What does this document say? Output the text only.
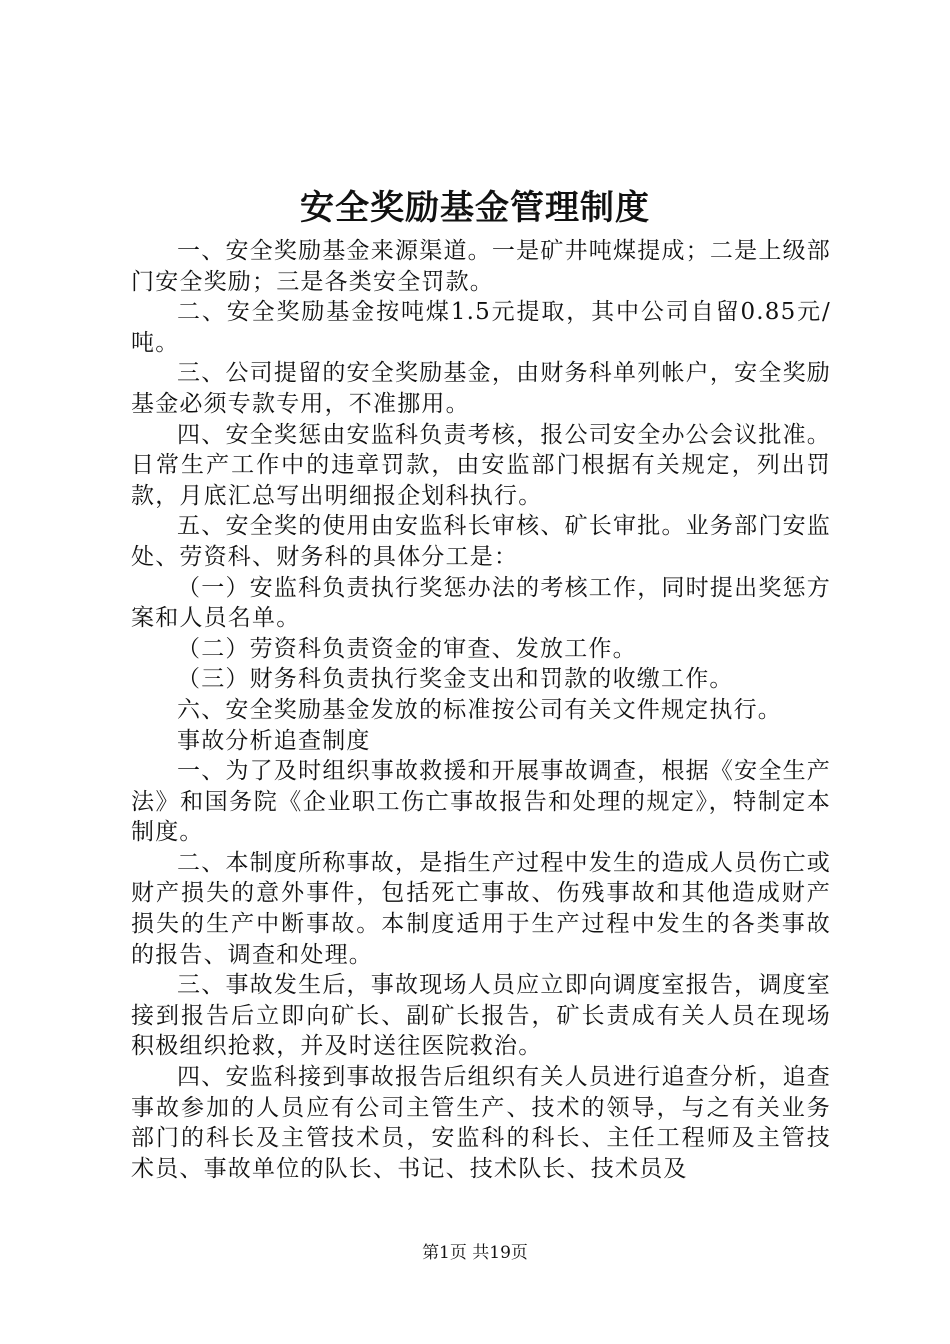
安全奖励基金管理制度

一、安全奖励基金来源渠道。一是矿井吨煤提成；二是上级部门安全奖励；三是各类安全罚款。

二、安全奖励基金按吨煤1.5元提取，其中公司自留0.85元/吨。

三、公司提留的安全奖励基金，由财务科单列帐户，安全奖励基金必须专款专用，不准挪用。

四、安全奖惩由安监科负责考核，报公司安全办公会议批准。日常生产工作中的违章罚款，由安监部门根据有关规定，列出罚款，月底汇总写出明细报企划科执行。

五、安全奖的使用由安监科长审核、矿长审批。业务部门安监处、劳资科、财务科的具体分工是：

（一）安监科负责执行奖惩办法的考核工作，同时提出奖惩方案和人员名单。

（二）劳资科负责资金的审查、发放工作。

（三）财务科负责执行奖金支出和罚款的收缴工作。

六、安全奖励基金发放的标准按公司有关文件规定执行。

事故分析追查制度

一、为了及时组织事故救援和开展事故调查，根据《安全生产法》和国务院《企业职工伤亡事故报告和处理的规定》，特制定本制度。

二、本制度所称事故，是指生产过程中发生的造成人员伤亡或财产损失的意外事件，包括死亡事故、伤残事故和其他造成财产损失的生产中断事故。本制度适用于生产过程中发生的各类事故的报告、调查和处理。

三、事故发生后，事故现场人员应立即向调度室报告，调度室接到报告后立即向矿长、副矿长报告，矿长责成有关人员在现场积极组织抢救，并及时送往医院救治。

四、安监科接到事故报告后组织有关人员进行追查分析，追查事故参加的人员应有公司主管生产、技术的领导，与之有关业务部门的科长及主管技术员，安监科的科长、主任工程师及主管技术员、事故单位的队长、书记、技术队长、技术员及

第1页 共19页
